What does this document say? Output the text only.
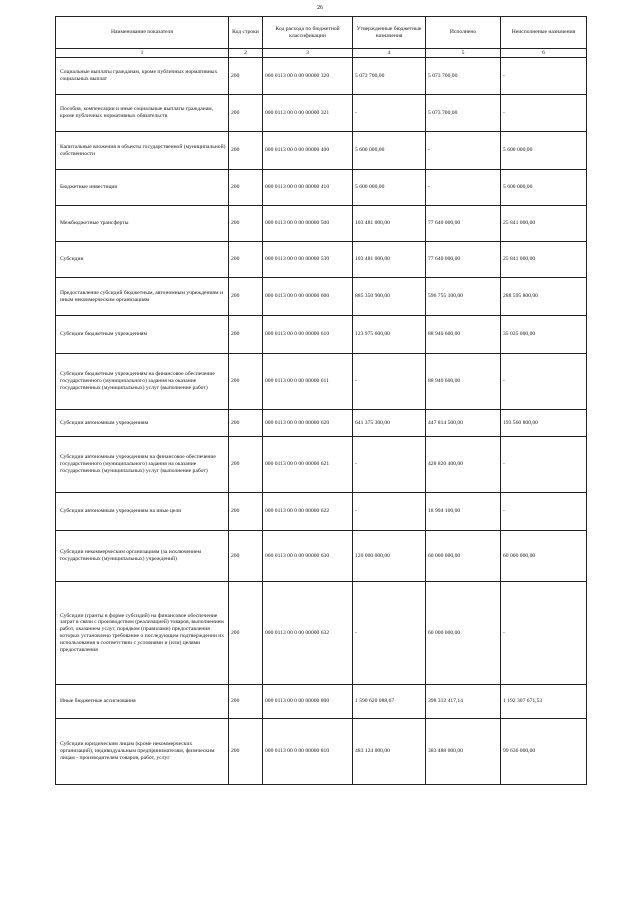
26
Наименование показателя	Код строки	Код расхода по бюджетной классификации	Утвержденные бюджетные назначения	Исполнено	Неисполненые назначения
1	2	3	4	5	6
Социальные выплаты гражданам, кроме публичных нормативных социальных выплат	200	000 0113 00 0 00 00000 320	5 073 700,00	5 073 700,00	-
Пособия, компенсации и иные социальные выплаты гражданам, кроме публичных нормативных обязательств	200	000 0113 00 0 00 00000 321	-	5 073 700,00	-
Капитальные вложения в объекты государственной (муниципальной) собственности	200	000 0113 00 0 00 00000 400	5 600 000,00	-	5 600 000,00
Бюджетные инвестиции	200	000 0113 00 0 00 00000 410	5 600 000,00	-	5 600 000,00
Межбюджетные трансферты	200	000 0113 00 0 00 00000 500	103 481 000,00	77 640 000,00	25 841 000,00
Субсидии	200	000 0113 00 0 00 00000 530	103 481 000,00	77 640 000,00	25 841 000,00
Предоставление субсидий бюджетным, автономным учреждениям и иным некоммерческим организациям	200	000 0113 00 0 00 00000 600	885 350 900,00	596 755 100,00	288 595 800,00
Субсидии бюджетным учреждениям	200	000 0113 00 0 00 00000 610	123 975 600,00	88 940 600,00	35 035 000,00
Субсидии бюджетным учреждениям на финансовое обеспечение государственного (муниципального) задания на оказание государственных (муниципальных) услуг (выполнение работ)	200	000 0113 00 0 00 00000 611	-	88 940 600,00	-
Субсидии автономным учреждениям	200	000 0113 00 0 00 00000 620	641 375 300,00	447 814 500,00	193 560 800,00
Субсидии автономным учреждениям на финансовое обеспечение государственного (муниципального) задания на оказание государственных (муниципальных) услуг (выполнение работ)	200	000 0113 00 0 00 00000 621	-	428 820 400,00	-
Субсидии автономным учреждениям на иные цели	200	000 0113 00 0 00 00000 622	-	18 994 100,00	-
Субсидии некоммерческим организациям (за исключением государственных (муниципальных) учреждений)	200	000 0113 00 0 00 00000 630	120 000 000,00	60 000 000,00	60 000 000,00
Субсидии (гранты в форме субсидий) на финансовое обеспечение затрат в связи с производством (реализацией) товаров, выполнением работ, оказанием услуг, порядком (правилами) предоставления которых установлено требование о последующем подтверждении их использования в соответствии с условиями и (или) целями предоставления	200	000 0113 00 0 00 00000 632	-	60 000 000,00	-
Иные бюджетные ассигнования	200	000 0113 00 0 00 00000 800	1 590 620 088,67	398 312 417,14	1 192 307 671,53
Субсидии юридическим лицам (кроме некоммерческих организаций), индивидуальным предпринимателям, физическим лицам - производителям товаров, работ, услуг	200	000 0113 00 0 00 00000 810	483 124 000,00	383 488 000,00	99 636 000,00
